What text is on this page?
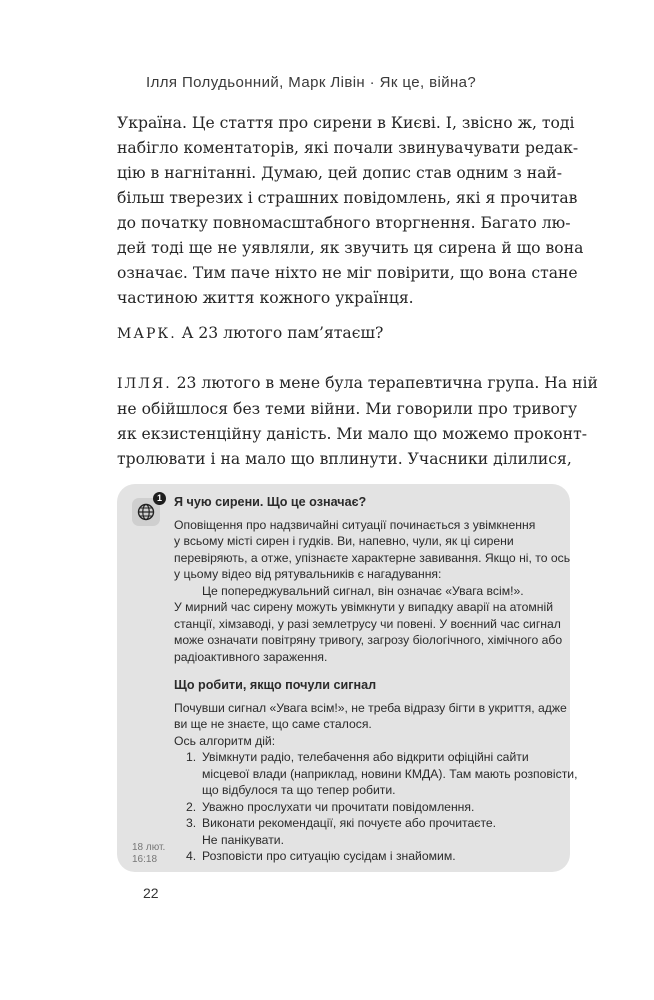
Ілля Полудьонний, Марк Лівін · Як це, війна?
Україна. Це стаття про сирени в Києві. І, звісно ж, тоді
набігло коментаторів, які почали звинувачувати редак-
цію в нагнітанні. Думаю, цей допис став одним з най-
більш тверезих і страшних повідомлень, які я прочитав
до початку повномасштабного вторгнення. Багато лю-
дей тоді ще не уявляли, як звучить ця сирена й що вона
означає. Тим паче ніхто не міг повірити, що вона стане
частиною життя кожного українця.
МАРК. А 23 лютого пам’ятаєш?
ІЛЛЯ. 23 лютого в мене була терапевтична група. На ній
не обійшлося без теми війни. Ми говорили про тривогу
як екзистенційну даність. Ми мало що можемо проконт-
тролювати і на мало що вплинути. Учасники ділилися,
1 Я чую сирени. Що це означає?
Оповіщення про надзвичайні ситуації починається з увімкнення
у всьому місті сирен і гудків. Ви, напевно, чули, як ці сирени
перевіряють, а отже, упізнаєте характерне завивання. Якщо ні, то ось
у цьому відео від рятувальників є нагадування:
Це попереджувальний сигнал, він означає «Увага всім!».
У мирний час сирену можуть увімкнути у випадку аварії на атомній
станції, хімзаводі, у разі землетрусу чи повені. У воєнний час сигнал
може означати повітряну тривогу, загрозу біологічного, хімічного або
радіоактивного зараження.
Що робити, якщо почули сигнал
Почувши сигнал «Увага всім!», не треба відразу бігти в укриття, адже
ви ще не знаєте, що саме сталося.
Ось алгоритм дій:
1. Увімкнути радіо, телебачення або відкрити офіційні сайти
місцевої влади (наприклад, новини КМДА). Там мають розповісти,
що відбулося та що тепер робити.
2. Уважно прослухати чи прочитати повідомлення.
3. Виконати рекомендації, які почуєте або прочитаєте.
Не панікувати.
4. Розповісти про ситуацію сусідам і знайомим.
18 лют.
16:18
22
